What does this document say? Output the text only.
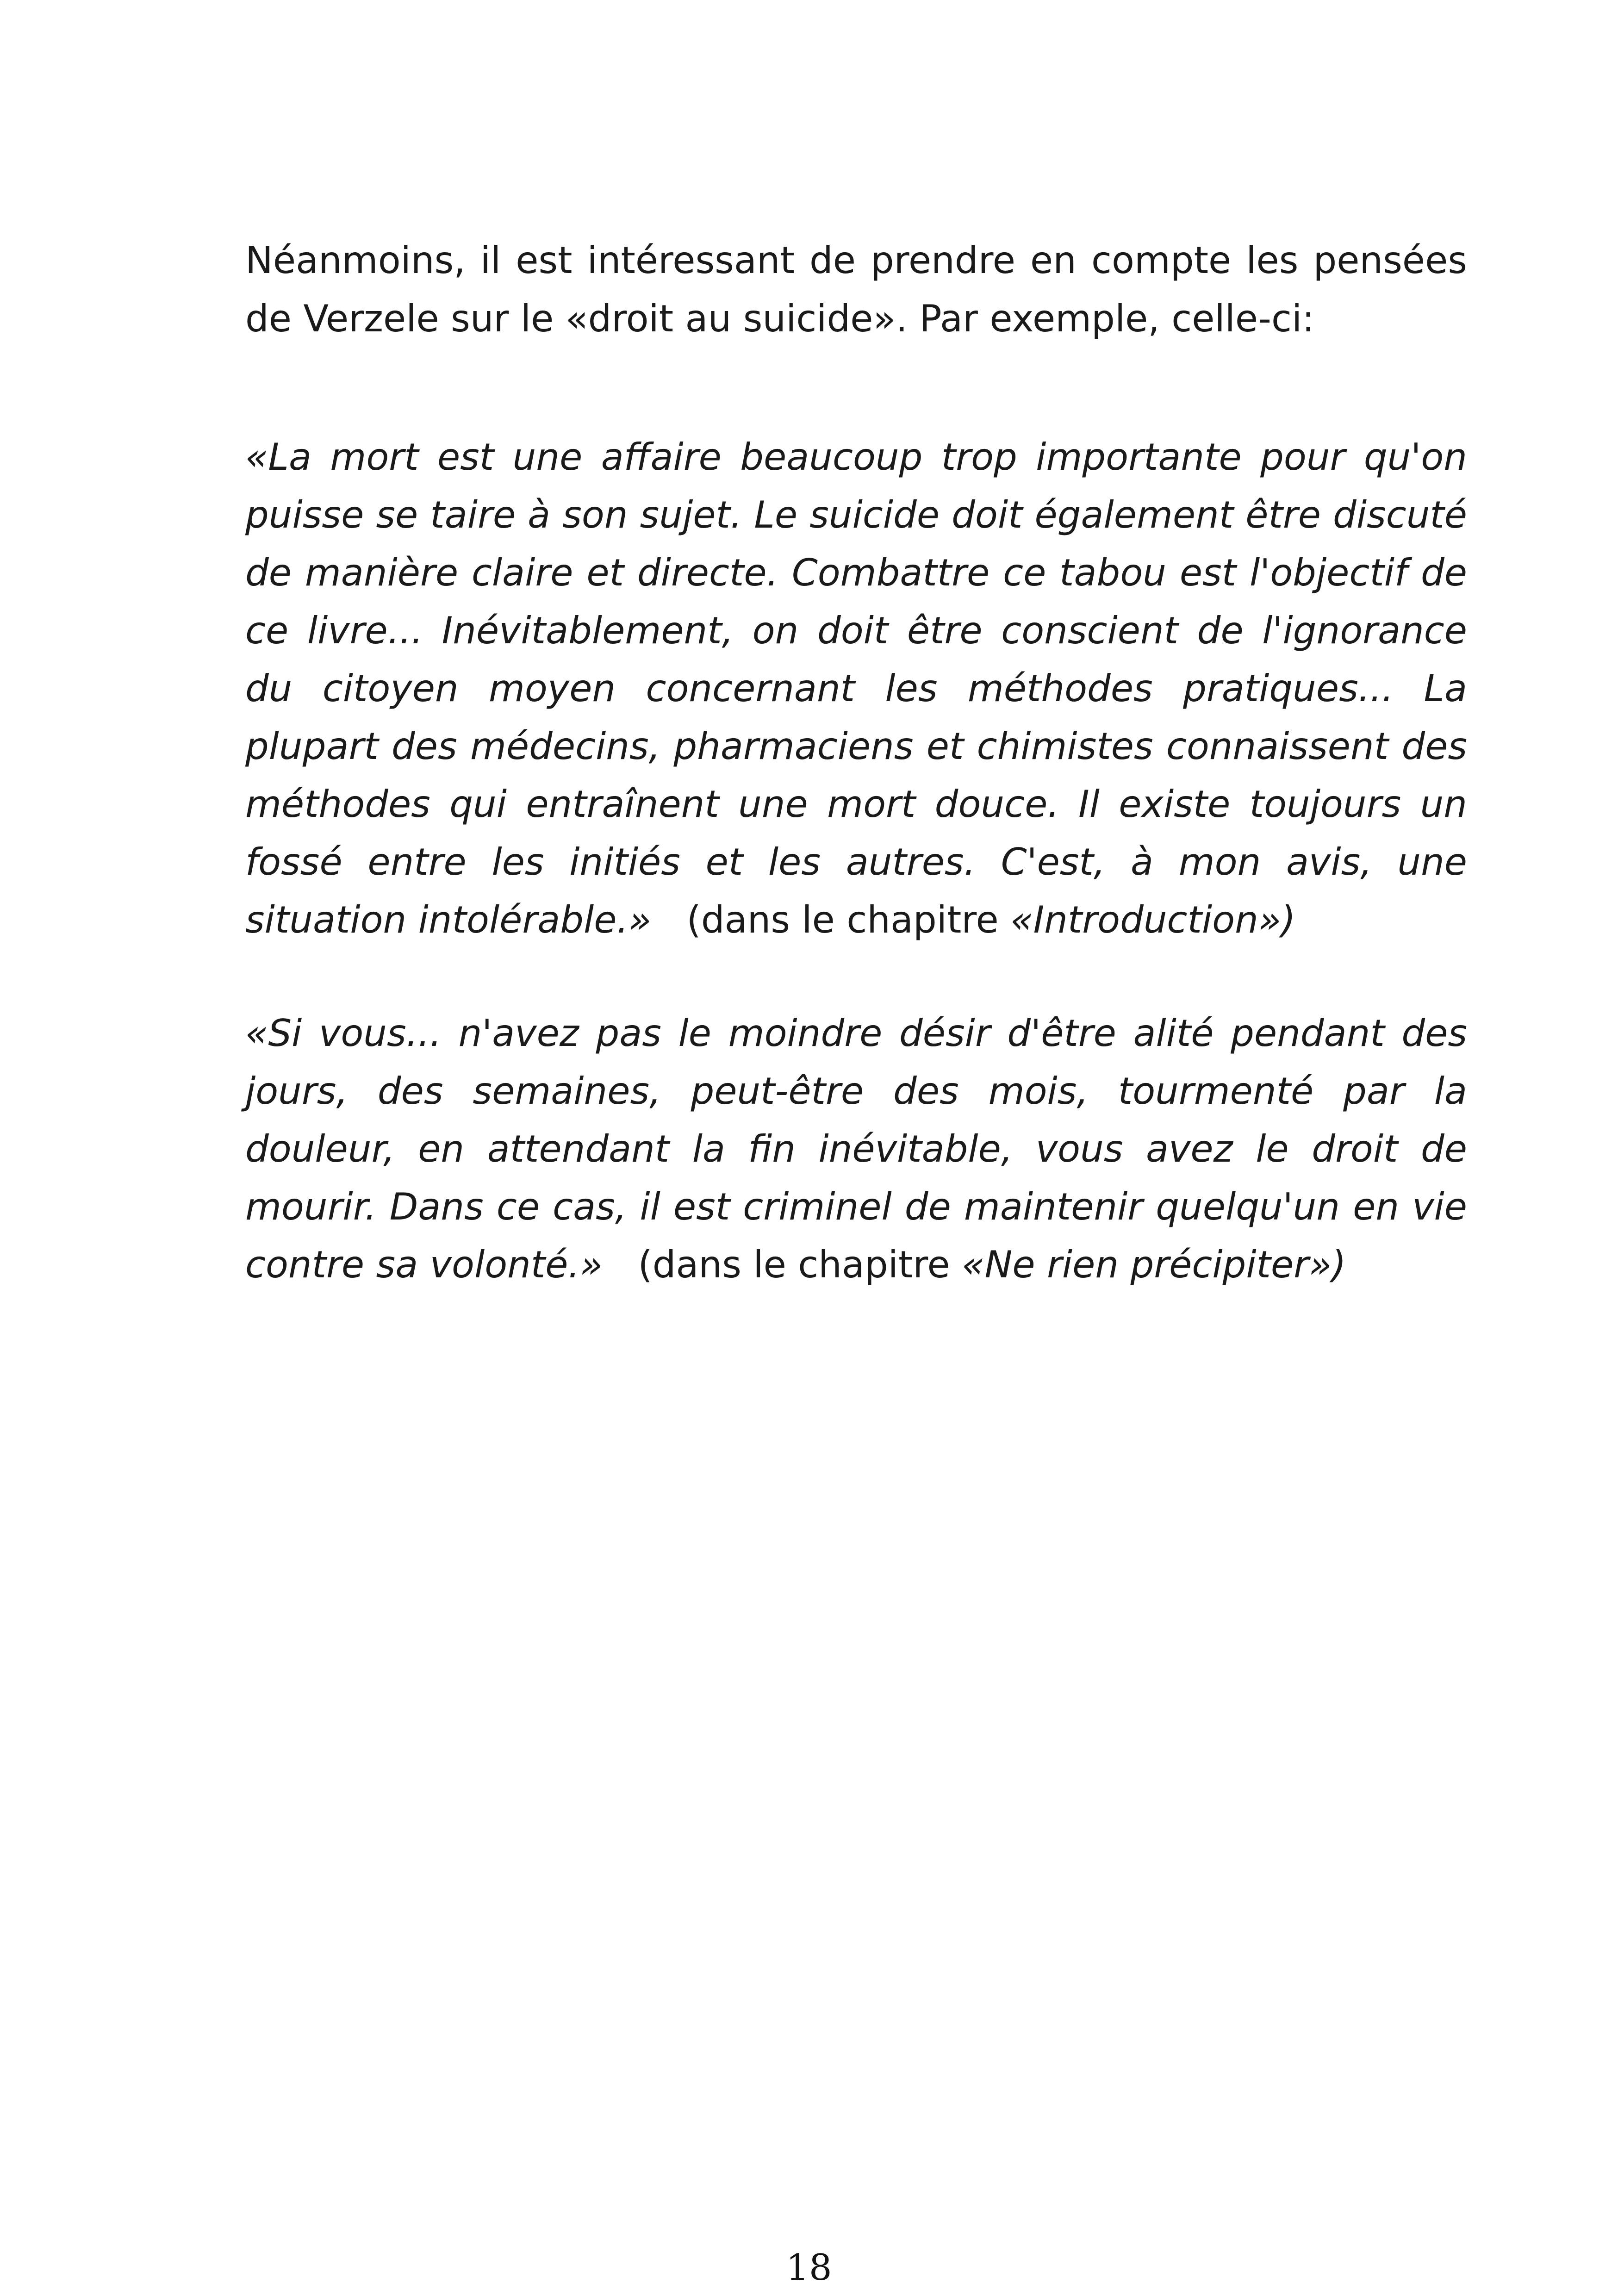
Néanmoins, il est intéressant de prendre en compte les pensées de Verzele sur le «droit au suicide». Par exemple, celle-ci:

«La mort est une affaire beaucoup trop importante pour qu'on puisse se taire à son sujet. Le suicide doit également être discuté de manière claire et directe. Combattre ce tabou est l'objectif de ce livre... Inévitablement, on doit être conscient de l'ignorance du citoyen moyen concernant les méthodes pratiques... La plupart des médecins, pharmaciens et chimistes connaissent des méthodes qui entraînent une mort douce. Il existe toujours un fossé entre les initiés et les autres. C'est, à mon avis, une situation intolérable.» (dans le chapitre «Introduction»)

«Si vous... n'avez pas le moindre désir d'être alité pendant des jours, des semaines, peut-être des mois, tourmenté par la douleur, en attendant la fin inévitable, vous avez le droit de mourir. Dans ce cas, il est criminel de maintenir quelqu'un en vie contre sa volonté.» (dans le chapitre «Ne rien précipiter»)

18
